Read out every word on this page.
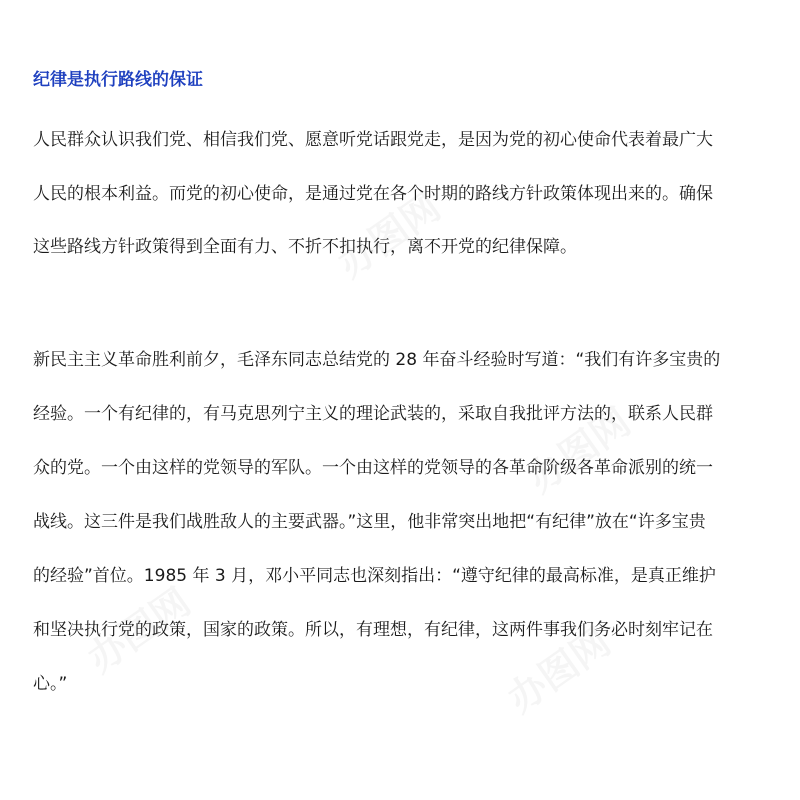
办图网
办图网
办图网	办图网
纪律是执行路线的保证
人民群众认识我们党、相信我们党、愿意听党话跟党走，是因为党的初心使命代表着最广大
人民的根本利益。而党的初心使命，是通过党在各个时期的路线方针政策体现出来的。确保
这些路线方针政策得到全面有力、不折不扣执行，离不开党的纪律保障。
新民主主义革命胜利前夕，毛泽东同志总结党的 28 年奋斗经验时写道：“我们有许多宝贵的
经验。一个有纪律的，有马克思列宁主义的理论武装的，采取自我批评方法的，联系人民群
众的党。一个由这样的党领导的军队。一个由这样的党领导的各革命阶级各革命派别的统一
战线。这三件是我们战胜敌人的主要武器。”这里，他非常突出地把“有纪律”放在“许多宝贵
的经验”首位。1985 年 3 月，邓小平同志也深刻指出：“遵守纪律的最高标准，是真正维护
和坚决执行党的政策，国家的政策。所以，有理想，有纪律，这两件事我们务必时刻牢记在
心。”
